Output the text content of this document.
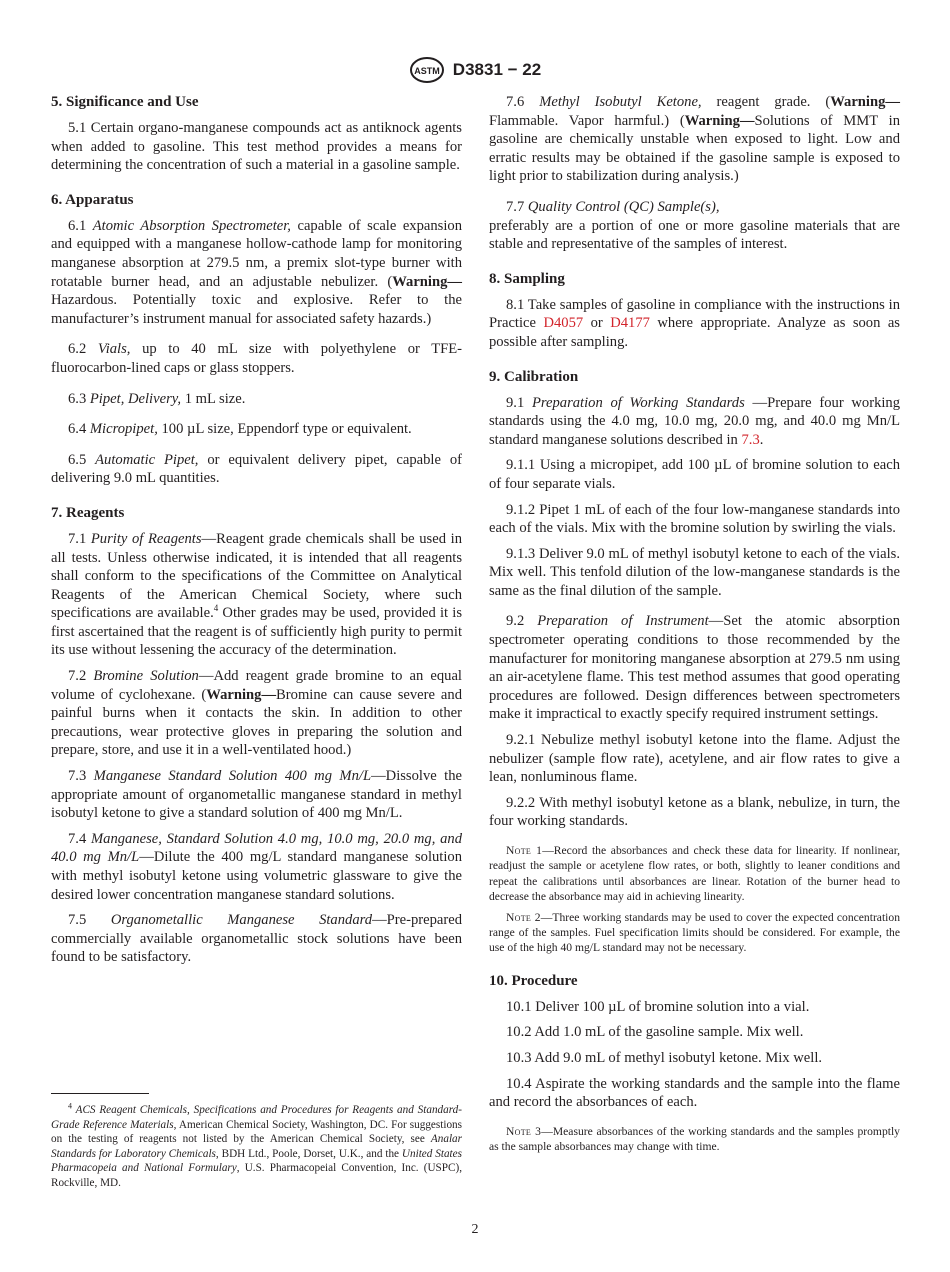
ASTM D3831 − 22
5. Significance and Use

5.1 Certain organo-manganese compounds act as antiknock agents when added to gasoline. This test method provides a means for determining the concentration of such a material in a gasoline sample.

6. Apparatus

6.1 Atomic Absorption Spectrometer, capable of scale expansion and equipped with a manganese hollow-cathode lamp for monitoring manganese absorption at 279.5 nm, a premix slot-type burner with rotatable burner head, and an adjustable nebulizer. (Warning—Hazardous. Potentially toxic and explosive. Refer to the manufacturer’s instrument manual for associated safety hazards.)

6.2 Vials, up to 40 mL size with polyethylene or TFE-fluorocarbon-lined caps or glass stoppers.

6.3 Pipet, Delivery, 1 mL size.

6.4 Micropipet, 100 µL size, Eppendorf type or equivalent.

6.5 Automatic Pipet, or equivalent delivery pipet, capable of delivering 9.0 mL quantities.

7. Reagents

7.1 Purity of Reagents—Reagent grade chemicals shall be used in all tests. Unless otherwise indicated, it is intended that all reagents shall conform to the specifications of the Committee on Analytical Reagents of the American Chemical Society, where such specifications are available.$^4$ Other grades may be used, provided it is first ascertained that the reagent is of sufficiently high purity to permit its use without lessening the accuracy of the determination.

7.2 Bromine Solution—Add reagent grade bromine to an equal volume of cyclohexane. (Warning—Bromine can cause severe and painful burns when it contacts the skin. In addition to other precautions, wear protective gloves in preparing the solution and prepare, store, and use it in a well-ventilated hood.)

7.3 Manganese Standard Solution 400 mg Mn/L—Dissolve the appropriate amount of organometallic manganese standard in methyl isobutyl ketone to give a standard solution of 400 mg Mn/L.

7.4 Manganese, Standard Solution 4.0 mg, 10.0 mg, 20.0 mg, and 40.0 mg Mn/L—Dilute the 400 mg/L standard manganese solution with methyl isobutyl ketone using volumetric glassware to give the desired lower concentration manganese standard solutions.

7.5 Organometallic Manganese Standard—Pre-prepared commercially available organometallic stock solutions have been found to be satisfactory.

$^4$ ACS Reagent Chemicals, Specifications and Procedures for Reagents and Standard-Grade Reference Materials, American Chemical Society, Washington, DC. For suggestions on the testing of reagents not listed by the American Chemical Society, see Analar Standards for Laboratory Chemicals, BDH Ltd., Poole, Dorset, U.K., and the United States Pharmacopeia and National Formulary, U.S. Pharmacopeial Convention, Inc. (USPC), Rockville, MD.

7.6 Methyl Isobutyl Ketone, reagent grade. (Warning—Flammable. Vapor harmful.) (Warning—Solutions of MMT in gasoline are chemically unstable when exposed to light. Low and erratic results may be obtained if the gasoline sample is exposed to light prior to stabilization during analysis.)

7.7 Quality Control (QC) Sample(s),

preferably are a portion of one or more gasoline materials that are stable and representative of the samples of interest.

8. Sampling

8.1 Take samples of gasoline in compliance with the instructions in Practice D4057 or D4177 where appropriate. Analyze as soon as possible after sampling.

9. Calibration

9.1 Preparation of Working Standards —Prepare four working standards using the 4.0 mg, 10.0 mg, 20.0 mg, and 40.0 mg Mn/L standard manganese solutions described in 7.3.

9.1.1 Using a micropipet, add 100 µL of bromine solution to each of four separate vials.

9.1.2 Pipet 1 mL of each of the four low-manganese standards into each of the vials. Mix with the bromine solution by swirling the vials.

9.1.3 Deliver 9.0 mL of methyl isobutyl ketone to each of the vials. Mix well. This tenfold dilution of the low-manganese standards is the same as the final dilution of the sample.

9.2 Preparation of Instrument—Set the atomic absorption spectrometer operating conditions to those recommended by the manufacturer for monitoring manganese absorption at 279.5 nm using an air-acetylene flame. This test method assumes that good operating procedures are followed. Design differences between spectrometers make it impractical to exactly specify required instrument settings.

9.2.1 Nebulize methyl isobutyl ketone into the flame. Adjust the nebulizer (sample flow rate), acetylene, and air flow rates to give a lean, nonluminous flame.

9.2.2 With methyl isobutyl ketone as a blank, nebulize, in turn, the four working standards.

Note 1—Record the absorbances and check these data for linearity. If nonlinear, readjust the sample or acetylene flow rates, or both, slightly to leaner conditions and repeat the calibrations until absorbances are linear. Rotation of the burner head to decrease the absorbance may aid in achieving linearity.

Note 2—Three working standards may be used to cover the expected concentration range of the samples. Fuel specification limits should be considered. For example, the use of the high 40 mg/L standard may not be necessary.

10. Procedure

10.1 Deliver 100 µL of bromine solution into a vial.

10.2 Add 1.0 mL of the gasoline sample. Mix well.

10.3 Add 9.0 mL of methyl isobutyl ketone. Mix well.

10.4 Aspirate the working standards and the sample into the flame and record the absorbances of each.

Note 3—Measure absorbances of the working standards and the samples promptly as the sample absorbances may change with time.

2
